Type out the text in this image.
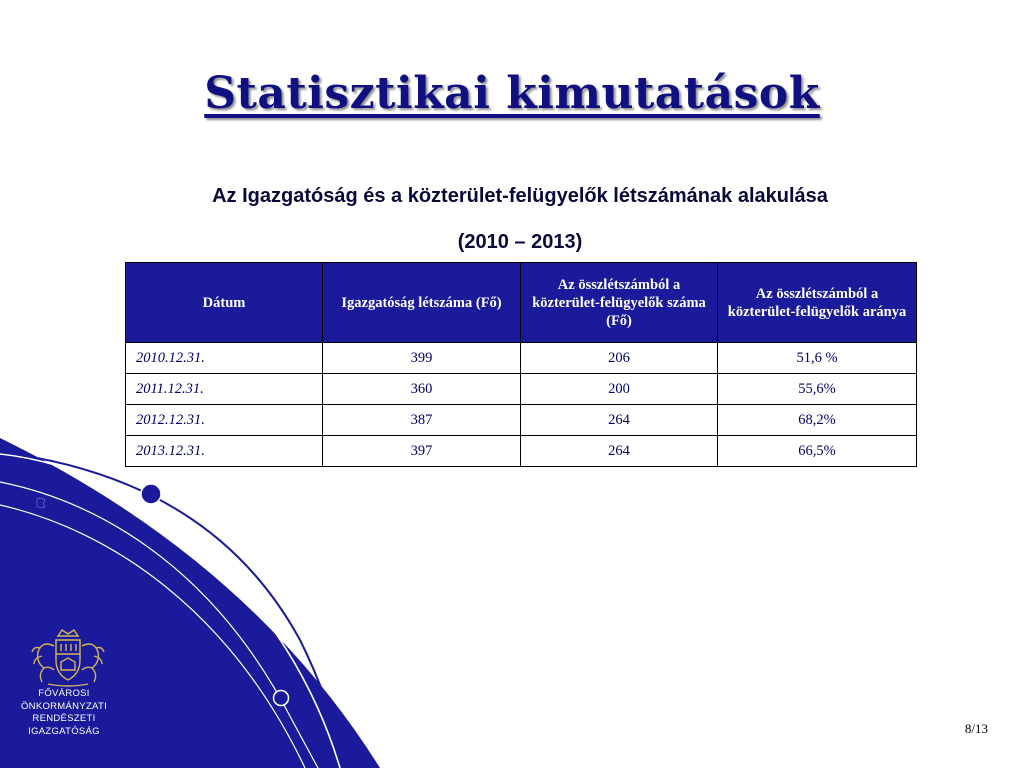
Statisztikai kimutatások
Az Igazgatóság és a közterület-felügyelők létszámának alakulása
(2010 – 2013)
Dátum	Igazgatóság létszáma (Fő)	Az összlétszámból a közterület-felügyelők száma (Fő)	Az összlétszámból a közterület-felügyelők aránya
2010.12.31.	399	206	51,6 %
2011.12.31.	360	200	55,6%
2012.12.31.	387	264	68,2%
2013.12.31.	397	264	66,5%
FŐVÁROSI
ÖNKORMÁNYZATI
RENDÉSZETI
IGAZGATÓSÁG	8/13
